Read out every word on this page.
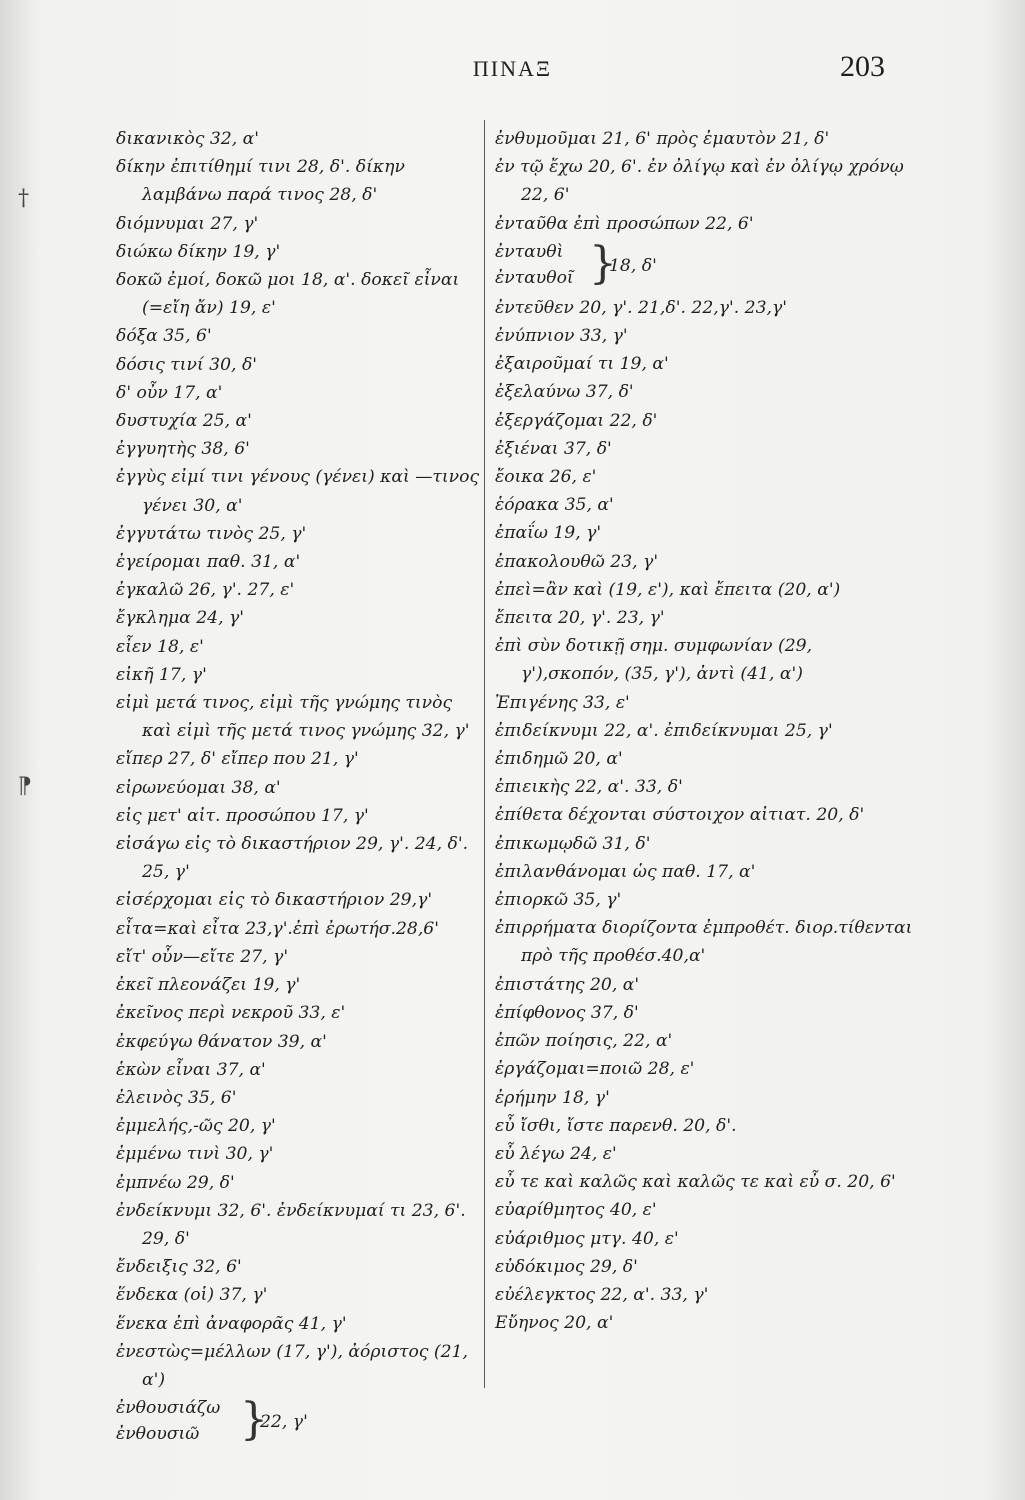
ΠΙΝΑΞ	203
†
⁋
δικανικὸς 32, α'
δίκην ἐπιτίθημί τινι 28, δ'. δίκην λαμβάνω παρά τινος 28, δ'
διόμνυμαι 27, γ'
διώκω δίκην 19, γ'
δοκῶ ἐμοί, δοκῶ μοι 18, α'. δοκεῖ εἶναι (=εἴη ἄν) 19, ε'
δόξα 35, 6'
δόσις τινί 30, δ'
δ' οὖν 17, α'
δυστυχία 25, α'
ἐγγυητὴς 38, 6'
ἐγγὺς εἰμί τινι γένους (γένει) καὶ —τινος γένει 30, α'
ἐγγυτάτω τινὸς 25, γ'
ἐγείρομαι παθ. 31, α'
ἐγκαλῶ 26, γ'. 27, ε'
ἔγκλημα 24, γ'
εἶεν 18, ε'
εἰκῆ 17, γ'
εἰμὶ μετά τινος, εἰμὶ τῆς γνώμης τινὸς καὶ εἰμὶ τῆς μετά τινος γνώμης 32, γ'
εἴπερ 27, δ' εἴπερ που 21, γ'
εἰρωνεύομαι 38, α'
εἰς μετ' αἰτ. προσώπου 17, γ'
εἰσάγω εἰς τὸ δικαστήριον 29, γ'. 24, δ'. 25, γ'
εἰσέρχομαι εἰς τὸ δικαστήριον 29,γ'
εἶτα=καὶ εἶτα 23,γ'.ἐπὶ ἐρωτήσ.28,6'
εἴτ' οὖν—εἴτε 27, γ'
ἐκεῖ πλεονάζει 19, γ'
ἐκεῖνος περὶ νεκροῦ 33, ε'
ἐκφεύγω θάνατον 39, α'
ἑκὼν εἶναι 37, α'
ἐλεινὸς 35, 6'
ἐμμελής,-ῶς 20, γ'
ἐμμένω τινὶ 30, γ'
ἐμπνέω 29, δ'
ἐνδείκνυμι 32, 6'. ἐνδείκνυμαί τι 23, 6'. 29, δ'
ἔνδειξις 32, 6'
ἕνδεκα (οἱ) 37, γ'
ἕνεκα ἐπὶ ἀναφορᾶς 41, γ'
ἐνεστὼς=μέλλων (17, γ'), ἀόριστος (21, α')
ἐνθουσιάζω
ἐνθουσιῶ }
22, γ'
ἐνθυμοῦμαι 21, 6' πρὸς ἐμαυτὸν 21, δ'
ἐν τῷ ἔχω 20, 6'. ἐν ὀλίγῳ καὶ ἐν ὀλίγῳ χρόνῳ 22, 6'
ἐνταῦθα ἐπὶ προσώπων 22, 6'
ἐνταυθὶ
ἐνταυθοῖ }
18, δ'
ἐντεῦθεν 20, γ'. 21,δ'. 22,γ'. 23,γ'
ἐνύπνιον 33, γ'
ἐξαιροῦμαί τι 19, α'
ἐξελαύνω 37, δ'
ἐξεργάζομαι 22, δ'
ἐξιέναι 37, δ'
ἔοικα 26, ε'
ἑόρακα 35, α'
ἐπαΐω 19, γ'
ἐπακολουθῶ 23, γ'
ἐπεὶ=ἂν καὶ (19, ε'), καὶ ἔπειτα (20, α')
ἔπειτα 20, γ'. 23, γ'
ἐπὶ σὺν δοτικῇ σημ. συμφωνίαν (29, γ'),σκοπόν, (35, γ'), ἀντὶ (41, α')
Ἐπιγένης 33, ε'
ἐπιδείκνυμι 22, α'. ἐπιδείκνυμαι 25, γ'
ἐπιδημῶ 20, α'
ἐπιεικὴς 22, α'. 33, δ'
ἐπίθετα δέχονται σύστοιχον αἰτιατ. 20, δ'
ἐπικωμῳδῶ 31, δ'
ἐπιλανθάνομαι ὡς παθ. 17, α'
ἐπιορκῶ 35, γ'
ἐπιρρήματα διορίζοντα ἐμπροθέτ. διορ.τίθενται πρὸ τῆς προθέσ.40,α'
ἐπιστάτης 20, α'
ἐπίφθονος 37, δ'
ἐπῶν ποίησις, 22, α'
ἐργάζομαι=ποιῶ 28, ε'
ἐρήμην 18, γ'
εὖ ἴσθι, ἴστε παρενθ. 20, δ'.
εὖ λέγω 24, ε'
εὖ τε καὶ καλῶς καὶ καλῶς τε καὶ εὖ σ. 20, 6'
εὐαρίθμητος 40, ε'
εὐάριθμος μτγ. 40, ε'
εὐδόκιμος 29, δ'
εὐέλεγκτος 22, α'. 33, γ'
Εὔηνος 20, α'
